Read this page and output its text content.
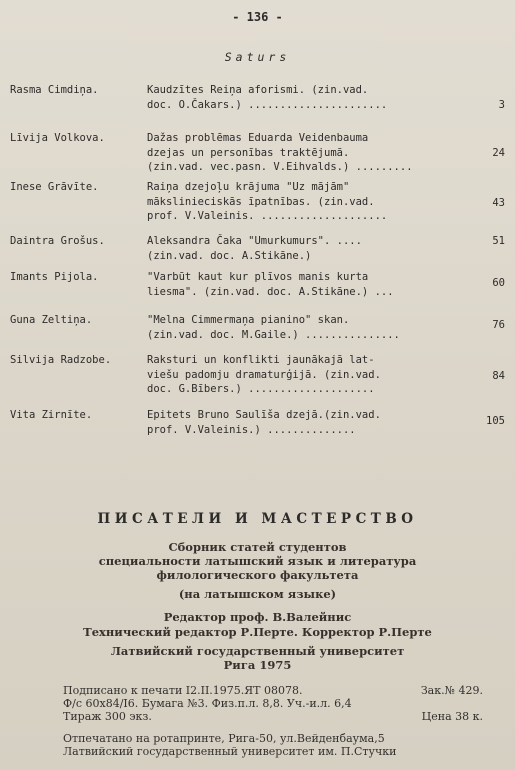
- 136 -
Saturs
Rasma Cimdiņa.	Kaudzītes Reiņa aforismi. (zin.vad.
doc. O.Čakars.) ......................	3
Līvija Volkova.	Dažas problēmas Eduarda Veidenbauma
dzejas un personības traktējumā.
(zin.vad. vec.pasn. V.Eihvalds.) .........
24
Inese Grāvīte.	Raiņa dzejoļu krājuma "Uz mājām"
mākslinieciskās īpatnības. (zin.vad.
prof. V.Valeinis. ....................
43
Daintra Grošus.	Aleksandra Čaka "Umurkumurs". ....
(zin.vad. doc. A.Stikāne.)
51
Imants Pijola.	"Varbūt kaut kur plīvos manis kurta
liesma". (zin.vad. doc. A.Stikāne.) ...
60
Guna Zeltiņa.	"Melna Cimmermaņa pianino" skan.
(zin.vad. doc. M.Gaile.) ...............
76
Silvija Radzobe.	Raksturi un konflikti jaunākajā lat-
viešu padomju dramaturģijā. (zin.vad.
doc. G.Bībers.) ....................
84
Vita Zirnīte.	Epitets Bruno Saulīša dzejā.(zin.vad.
prof. V.Valeinis.) ..............
105
ПИСАТЕЛИ И МАСТЕРСТВО
Сборник статей студентов
специальности латышский язык и литература
филологического факультета
(на латышском языке)
Редактор проф. В.Валейнис
Технический редактор Р.Перте. Корректор Р.Перте
Латвийский государственный университет
Рига 1975
Подписано к печати I2.II.1975.ЯТ 08078.	Зак.№ 429.
Ф/с 60х84/I6. Бумага №3. Физ.п.л. 8,8. Уч.-и.л. 6,4
Тираж 300 экз.	Цена 38 к.
Отпечатано на ротапринте, Рига-50, ул.Вейденбаума,5
Латвийский государственный университет им. П.Стучки
